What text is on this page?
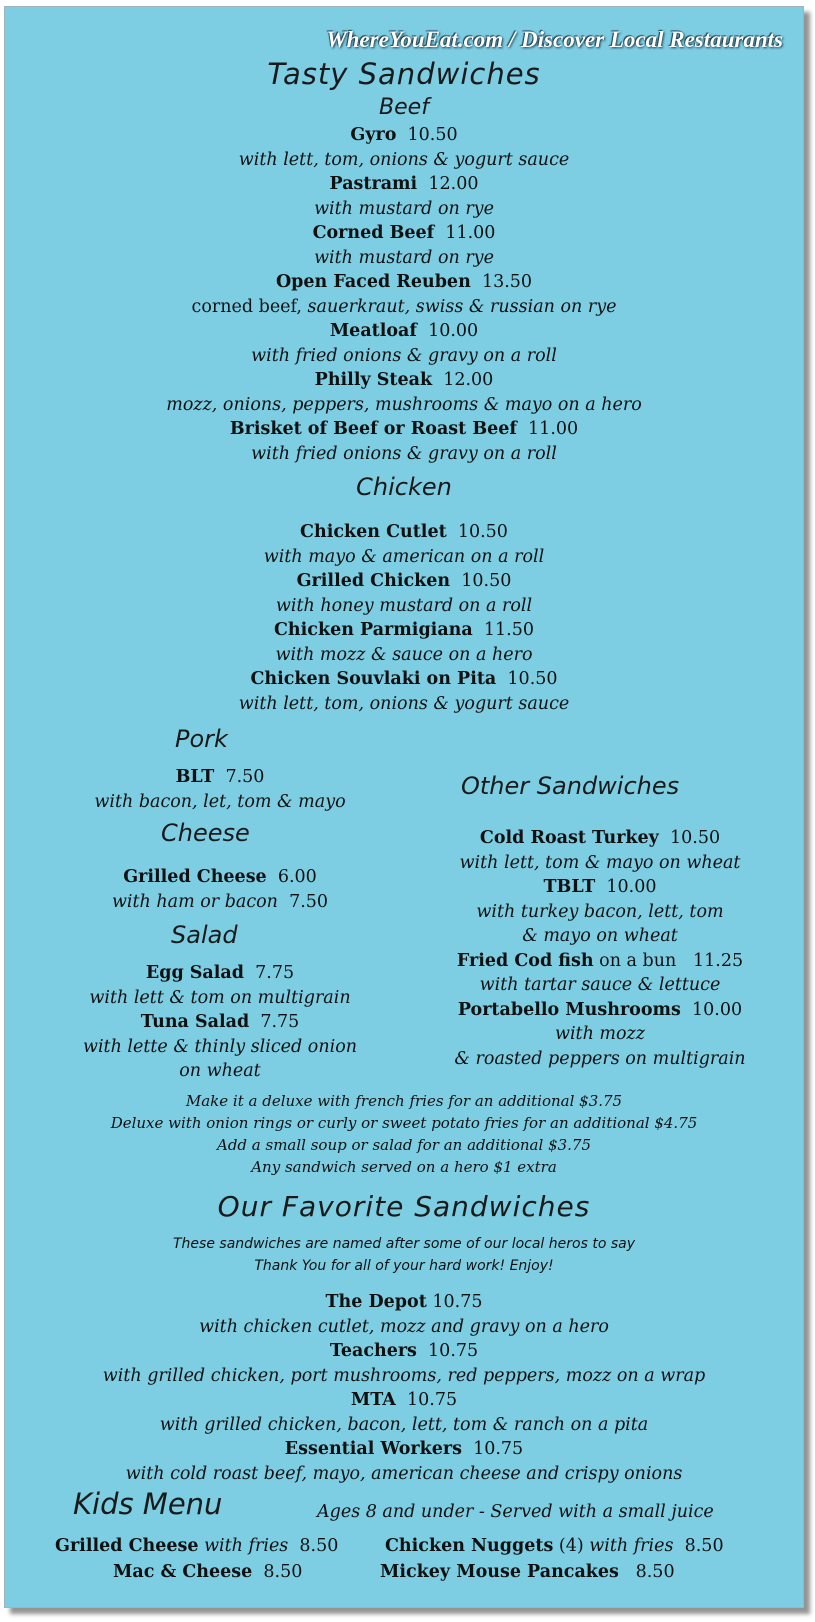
WhereYouEat.com / Discover Local Restaurants
Tasty Sandwiches
Beef
Gyro 10.50
with lett, tom, onions & yogurt sauce
Pastrami 12.00
with mustard on rye
Corned Beef 11.00
with mustard on rye
Open Faced Reuben 13.50
corned beef, sauerkraut, swiss & russian on rye
Meatloaf 10.00
with fried onions & gravy on a roll
Philly Steak 12.00
mozz, onions, peppers, mushrooms & mayo on a hero
Brisket of Beef or Roast Beef 11.00
with fried onions & gravy on a roll
Chicken
Chicken Cutlet 10.50
with mayo & american on a roll
Grilled Chicken 10.50
with honey mustard on a roll
Chicken Parmigiana 11.50
with mozz & sauce on a hero
Chicken Souvlaki on Pita 10.50
with lett, tom, onions & yogurt sauce
Pork
BLT 7.50
with bacon, let, tom & mayo
Cheese
Grilled Cheese 6.00
with ham or bacon 7.50
Salad
Egg Salad 7.75
with lett & tom on multigrain
Tuna Salad 7.75
with lette & thinly sliced onion
on wheat
Other Sandwiches
Cold Roast Turkey 10.50
with lett, tom & mayo on wheat
TBLT 10.00
with turkey bacon, lett, tom
& mayo on wheat
Fried Cod fish on a bun 11.25
with tartar sauce & lettuce
Portabello Mushrooms 10.00
with mozz
& roasted peppers on multigrain
Make it a deluxe with french fries for an additional $3.75
Deluxe with onion rings or curly or sweet potato fries for an additional $4.75
Add a small soup or salad for an additional $3.75
Any sandwich served on a hero $1 extra
Our Favorite Sandwiches
These sandwiches are named after some of our local heros to say
Thank You for all of your hard work! Enjoy!
The Depot 10.75
with chicken cutlet, mozz and gravy on a hero
Teachers 10.75
with grilled chicken, port mushrooms, red peppers, mozz on a wrap
MTA 10.75
with grilled chicken, bacon, lett, tom & ranch on a pita
Essential Workers 10.75
with cold roast beef, mayo, american cheese and crispy onions
Kids Menu	Ages 8 and under - Served with a small juice
Grilled Cheese with fries 8.50	Chicken Nuggets (4) with fries 8.50
Mac & Cheese 8.50	Mickey Mouse Pancakes 8.50
